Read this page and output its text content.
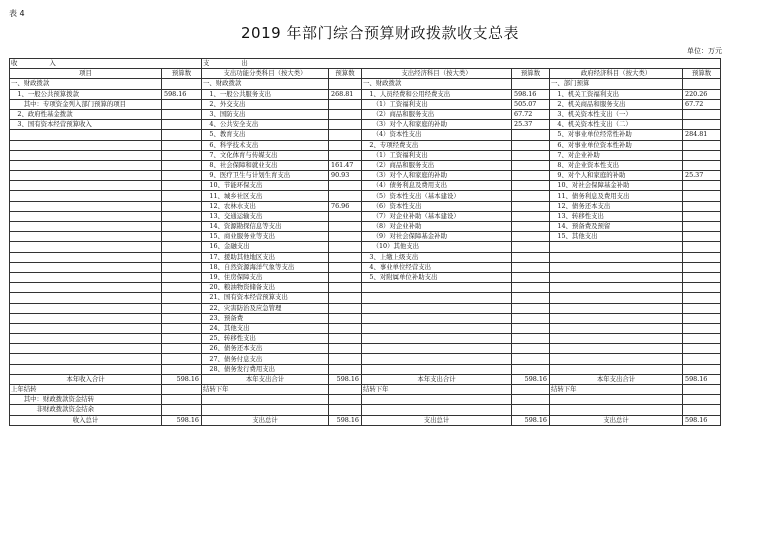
表 4
2019 年部门综合预算财政拨款收支总表
单位：万元
收　　　　　入		支　　　　　出					
项目	预算数	支出功能分类科目（按大类）	预算数	支出经济科目（按大类）	预算数	政府经济科目（按大类）	预算数
一、财政拨款		一、财政拨款		一、财政拨款		一、部门预算	
　1、一般公共预算拨款	598.16	　1、一般公共服务支出	268.81	　1、人员经费和公用经费支出	598.16	　1、机关工资福利支出	220.26
　　其中：专项资金列入部门预算的项目		　2、外交支出		　　（1）工资福利支出	505.07	　2、机关商品和服务支出	67.72
　2、政府性基金拨款		　3、国防支出		　　（2）商品和服务支出	67.72	　3、机关资本性支出（一）	
　3、国有资本经营预算收入		　4、公共安全支出		　　（3）对个人和家庭的补助	25.37	　4、机关资本性支出（二）	
		　5、教育支出		　　（4）资本性支出		　5、对事业单位经常性补助	284.81
		　6、科学技术支出		　2、专项经费支出		　6、对事业单位资本性补助	
		　7、文化体育与传媒支出		　　（1）工资福利支出		　7、对企业补助	
		　8、社会保障和就业支出	161.47	　　（2）商品和服务支出		　8、对企业资本性支出	
		　9、医疗卫生与计划生育支出	90.93	　　（3）对个人和家庭的补助		　9、对个人和家庭的补助	25.37
		　10、节能环保支出		　　（4）债务利息及费用支出		　10、对社会保障基金补助	
		　11、城乡社区支出		　　（5）资本性支出（基本建设）		　11、债务利息及费用支出	
		　12、农林水支出	76.96	　　（6）资本性支出		　12、债务还本支出	
		　13、交通运输支出		　　（7）对企业补助（基本建设）		　13、转移性支出	
		　14、资源勘探信息等支出		　　（8）对企业补助		　14、预备费及预留	
		　15、商业服务业等支出		　　（9）对社会保障基金补助		　15、其他支出	
		　16、金融支出		　　（10）其他支出			
		　17、援助其他地区支出		　3、上缴上级支出			
		　18、自然资源海洋气象等支出		　4、事业单位经营支出			
		　19、住房保障支出		　5、对附属单位补助支出			
		　20、粮油物资储备支出					
		　21、国有资本经营预算支出					
		　22、灾害防治及应急管理					
		　23、预备费					
		　24、其他支出					
		　25、转移性支出					
		　26、债务还本支出					
		　27、债务付息支出					
		　28、债务发行费用支出					
本年收入合计	598.16	本年支出合计	598.16	本年支出合计	598.16	本年支出合计	598.16
上年结转		结转下年		结转下年		结转下年	
　　其中：财政拨款资金结转							
　　　　非财政拨款资金结余							
收入总计	598.16	支出总计	598.16	支出总计	598.16	支出总计	598.16
